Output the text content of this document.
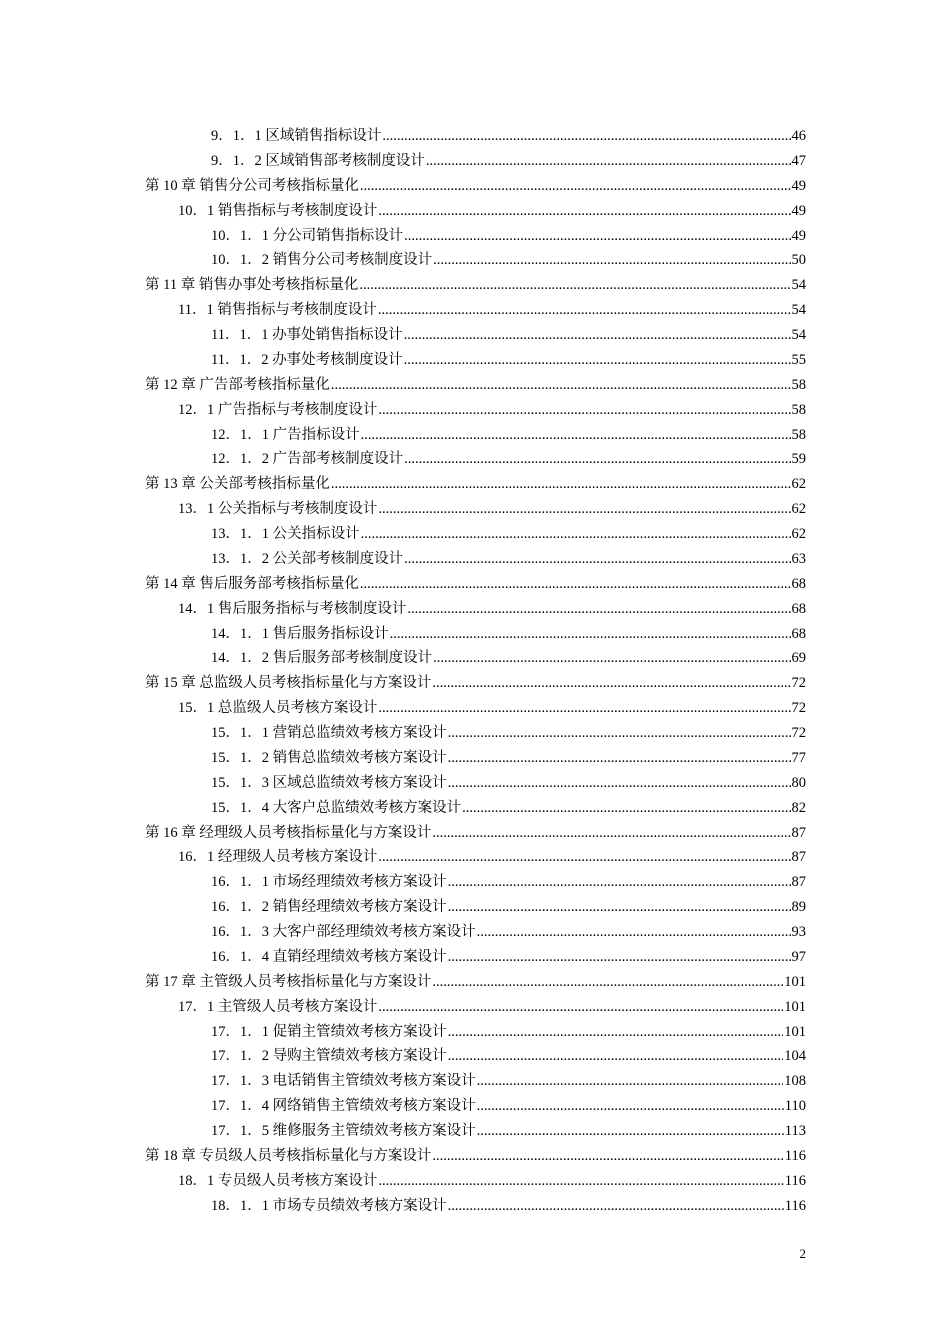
9．1．1 区域销售指标设计 .....	46
9．1．2 区域销售部考核制度设计 .....	47
第 10 章 销售分公司考核指标量化 .....	49
10．1 销售指标与考核制度设计 .....	49
10．1．1 分公司销售指标设计 .....	49
10．1．2 销售分公司考核制度设计 .....	50
第 11 章 销售办事处考核指标量化 .....	54
11．1 销售指标与考核制度设计 .....	54
11．1．1 办事处销售指标设计 .....	54
11．1．2 办事处考核制度设计 .....	55
第 12 章 广告部考核指标量化 .....	58
12．1 广告指标与考核制度设计 .....	58
12．1．1 广告指标设计 .....	58
12．1．2 广告部考核制度设计 .....	59
第 13 章 公关部考核指标量化 .....	62
13．1 公关指标与考核制度设计 .....	62
13．1．1 公关指标设计 .....	62
13．1．2 公关部考核制度设计 .....	63
第 14 章 售后服务部考核指标量化 .....	68
14．1 售后服务指标与考核制度设计 .....	68
14．1．1 售后服务指标设计 .....	68
14．1．2 售后服务部考核制度设计 .....	69
第 15 章 总监级人员考核指标量化与方案设计 .....	72
15．1 总监级人员考核方案设计 .....	72
15．1．1 营销总监绩效考核方案设计 .....	72
15．1．2 销售总监绩效考核方案设计 .....	77
15．1．3 区域总监绩效考核方案设计 .....	80
15．1．4 大客户总监绩效考核方案设计 .....	82
第 16 章 经理级人员考核指标量化与方案设计 .....	87
16．1 经理级人员考核方案设计 .....	87
16．1．1 市场经理绩效考核方案设计 .....	87
16．1．2 销售经理绩效考核方案设计 .....	89
16．1．3 大客户部经理绩效考核方案设计 .....	93
16．1．4 直销经理绩效考核方案设计 .....	97
第 17 章 主管级人员考核指标量化与方案设计 .....	101
17．1 主管级人员考核方案设计 .....	101
17．1．1 促销主管绩效考核方案设计 .....	101
17．1．2 导购主管绩效考核方案设计 .....	104
17．1．3 电话销售主管绩效考核方案设计 .....	108
17．1．4 网络销售主管绩效考核方案设计 .....	110
17．1．5 维修服务主管绩效考核方案设计 .....	113
第 18 章 专员级人员考核指标量化与方案设计 .....	116
18．1 专员级人员考核方案设计 .....	116
18．1．1 市场专员绩效考核方案设计 .....	116
2
